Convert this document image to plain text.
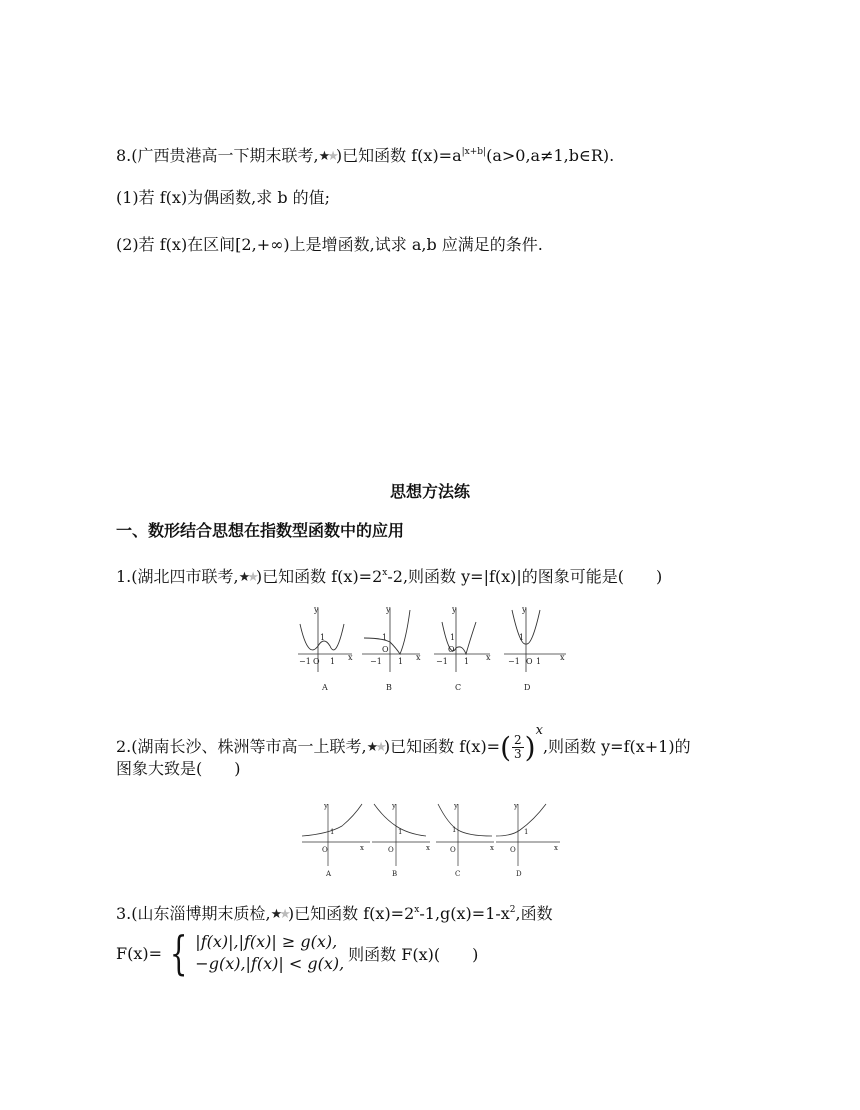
8.(广西贵港高一下期末联考,★★)已知函数 $f(x)=a^{|x+b|}(a>0,a\ne 1,b\in R)$.
(1)若 f(x)为偶函数,求 b 的值;
(2)若 f(x)在区间[2,+∞)上是增函数,试求 a,b 应满足的条件.
思想方法练
一、数形结合思想在指数型函数中的应用
1.(湖北四市联考,★★)已知函数 $f(x)=2^x-2$,则函数 y=|f(x)|的图象可能是(　　)
y
1
−1 O 1 x
A
y
1
−1
O
1 x
B
y
1
−1
O
1 x
C
y
1
−1 O 1 x
D
2.(湖南长沙、株洲等市高一上联考,★★)已知函数 f(x)= ( $\frac{2}{3}$ ) $^x$,则函数 y=f(x+1)的
图象大致是(　　)
y
1
O	x
A
y
1
O	x
B
y
1
O	x
C
y
1
O	x
D
3.(山东淄博期末质检,★★)已知函数 $f(x)=2^x-1,g(x)=1-x^2$,函数
F(x)= { |f(x)|,|f(x)| ≥ g(x),
−g(x),|f(x)| < g(x), 则函数 F(x)(　　)
